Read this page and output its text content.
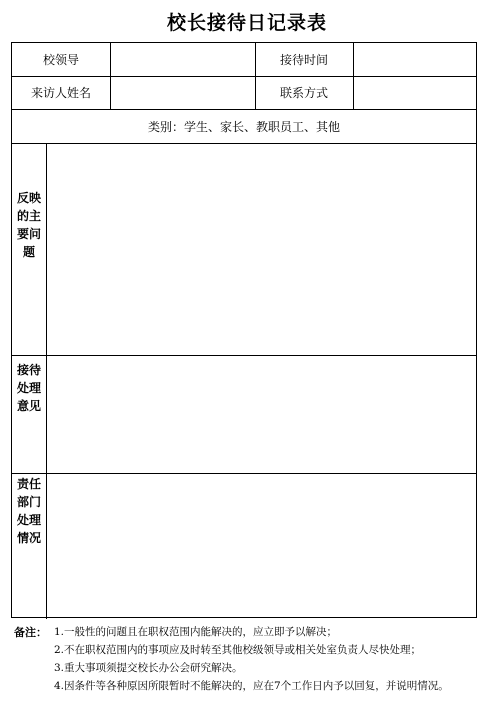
校长接待日记录表
校领导	接待时间
来访人姓名	联系方式
类别：学生、家长、教职员工、其他
反映的主要问题
接待处理意见
责任部门处理情况
备注： 1.一般性的问题且在职权范围内能解决的，应立即予以解决；
2.不在职权范围内的事项应及时转至其他校级领导或相关处室负责人尽快处理；
3.重大事项须提交校长办公会研究解决。
4.因条件等各种原因所限暂时不能解决的，应在7个工作日内予以回复，并说明情况。
